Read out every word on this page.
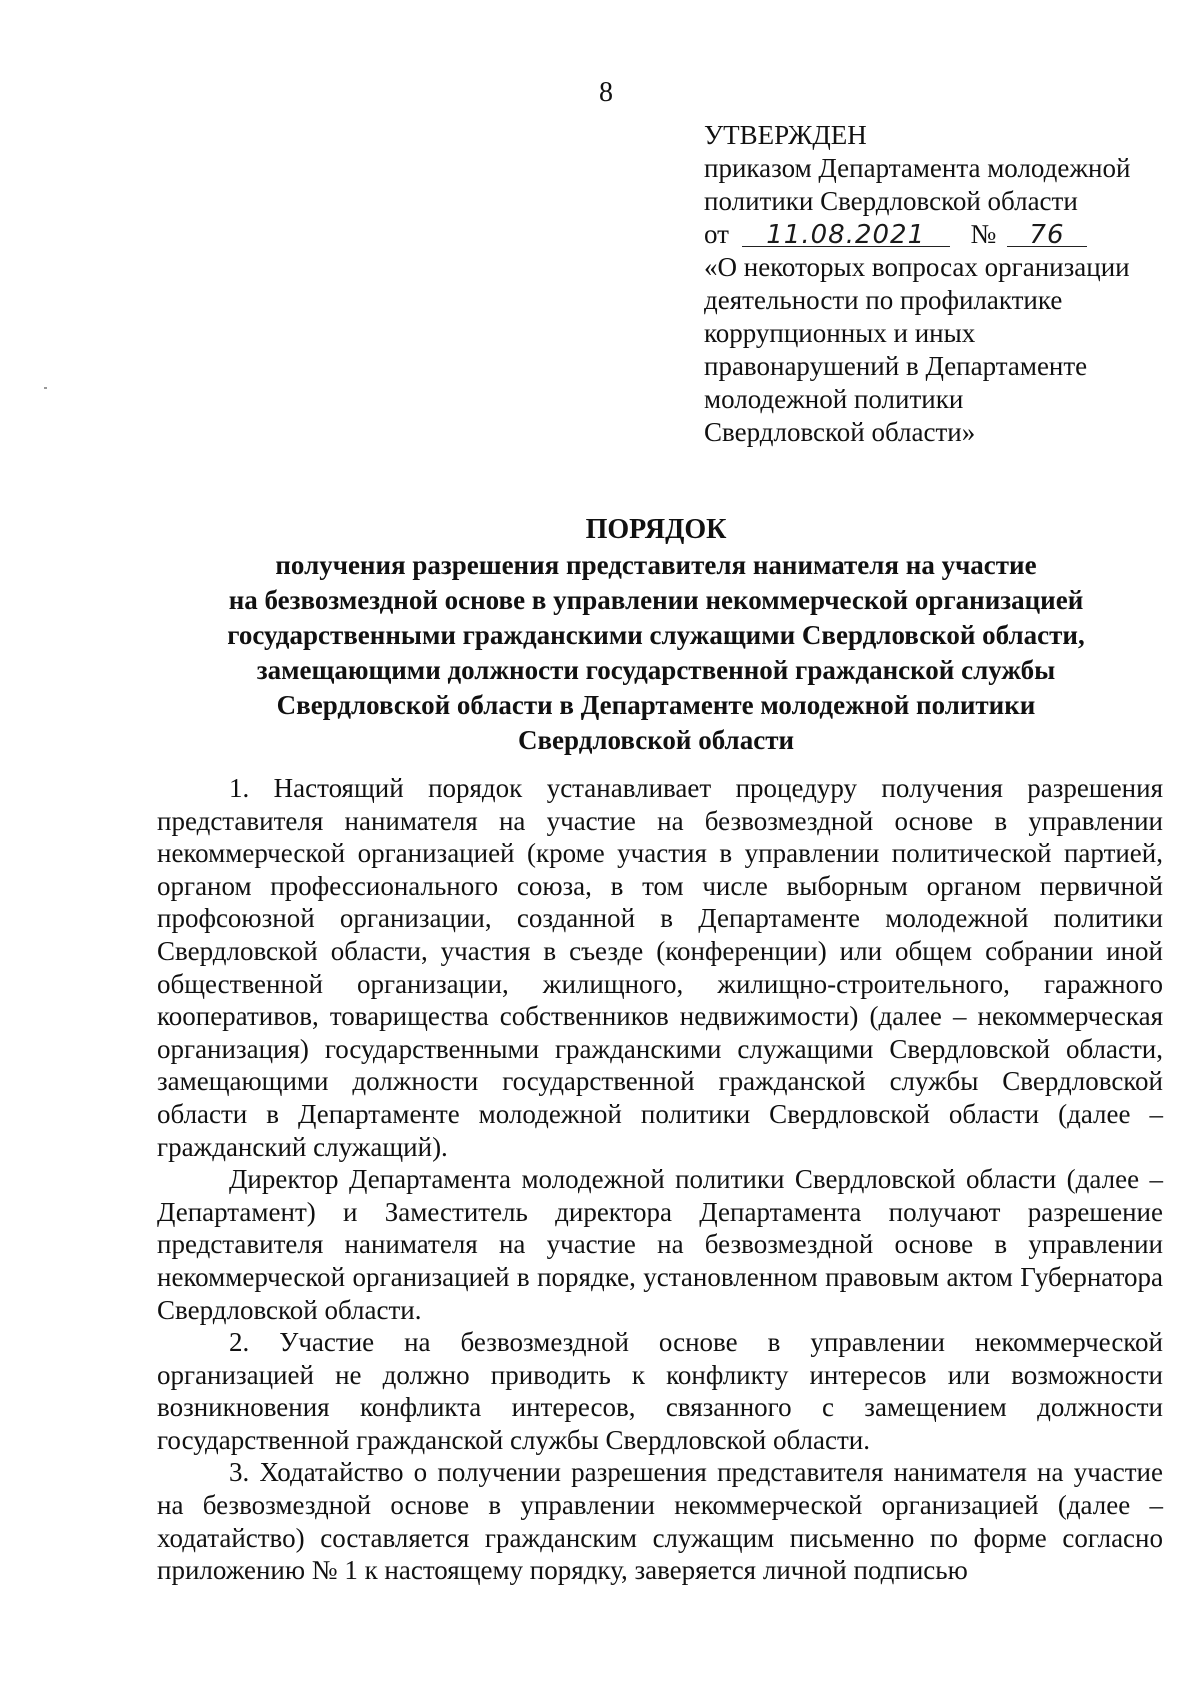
8
УТВЕРЖДЕН
приказом Департамента молодежной
политики Свердловской области
от 11.08.2021 № 76
«О некоторых вопросах организации
деятельности по профилактике
коррупционных и иных
правонарушений в Департаменте
молодежной политики
Свердловской области»
ПОРЯДОК
получения разрешения представителя нанимателя на участие
на безвозмездной основе в управлении некоммерческой организацией
государственными гражданскими служащими Свердловской области,
замещающими должности государственной гражданской службы
Свердловской области в Департаменте молодежной политики
Свердловской области

1. Настоящий порядок устанавливает процедуру получения разрешения представителя нанимателя на участие на безвозмездной основе в управлении некоммерческой организацией (кроме участия в управлении политической партией, органом профессионального союза, в том числе выборным органом первичной профсоюзной организации, созданной в Департаменте молодежной политики Свердловской области, участия в съезде (конференции) или общем собрании иной общественной организации, жилищного, жилищно-строительного, гаражного кооперативов, товарищества собственников недвижимости) (далее – некоммерческая организация) государственными гражданскими служащими Свердловской области, замещающими должности государственной гражданской службы Свердловской области в Департаменте молодежной политики Свердловской области (далее – гражданский служащий).

Директор Департамента молодежной политики Свердловской области (далее – Департамент) и Заместитель директора Департамента получают разрешение представителя нанимателя на участие на безвозмездной основе в управлении некоммерческой организацией в порядке, установленном правовым актом Губернатора Свердловской области.

2. Участие на безвозмездной основе в управлении некоммерческой организацией не должно приводить к конфликту интересов или возможности возникновения конфликта интересов, связанного с замещением должности государственной гражданской службы Свердловской области.

3. Ходатайство о получении разрешения представителя нанимателя на участие на безвозмездной основе в управлении некоммерческой организацией (далее – ходатайство) составляется гражданским служащим письменно по форме согласно приложению № 1 к настоящему порядку, заверяется личной подписью
